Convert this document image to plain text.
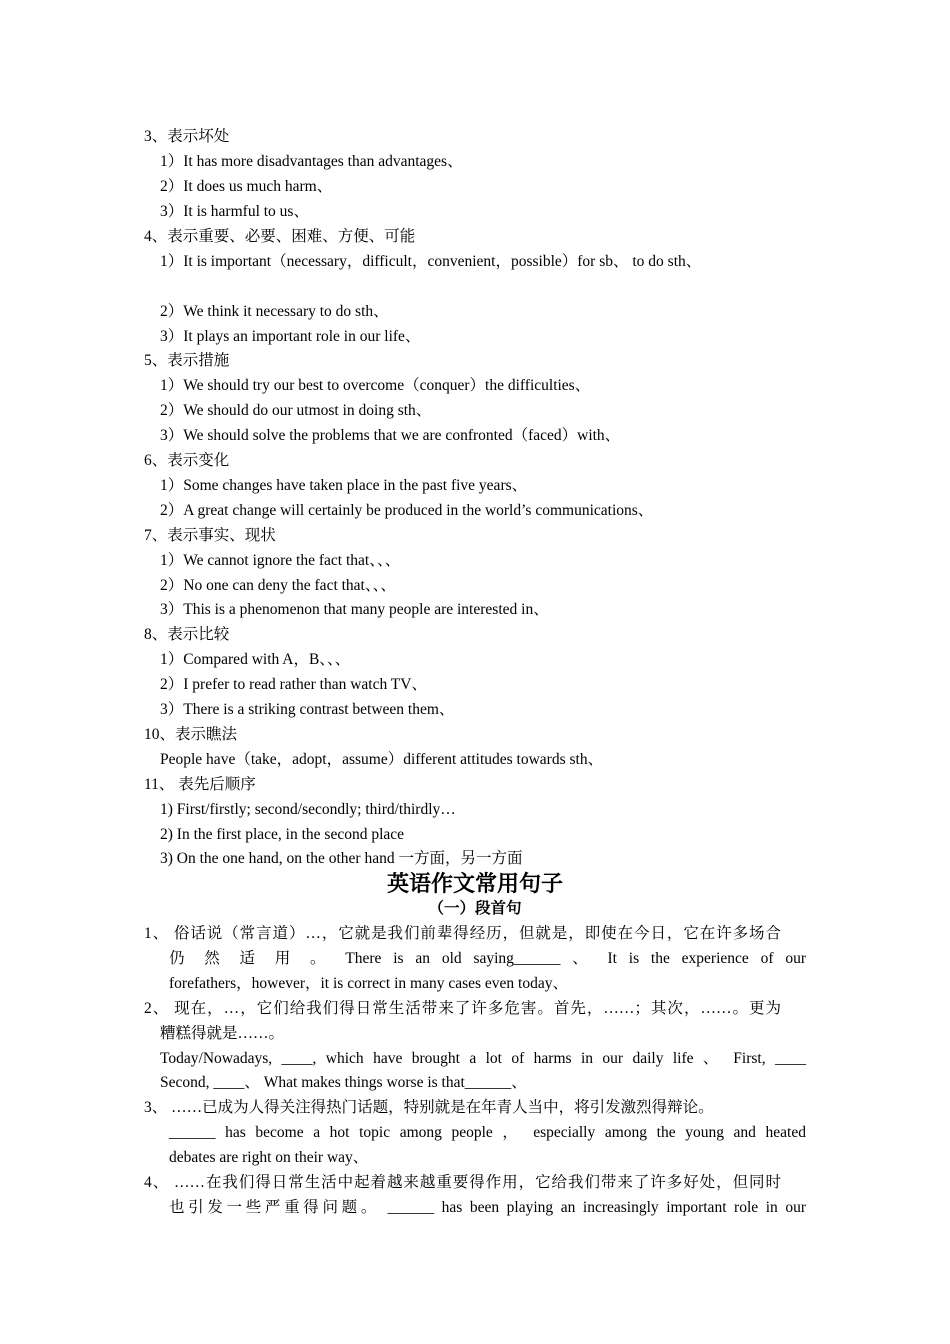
3、表示坏处
1）It has more disadvantages than advantages、
2）It does us much harm、
3）It is harmful to us、
4、表示重要、必要、困难、方便、可能
1）It is important（necessary，difficult，convenient，possible）for sb、 to do sth、
2）We think it necessary to do sth、
3）It plays an important role in our life、
5、表示措施
1）We should try our best to overcome（conquer）the difficulties、
2）We should do our utmost in doing sth、
3）We should solve the problems that we are confronted（faced）with、
6、表示变化
1）Some changes have taken place in the past five years、
2）A great change will certainly be produced in the world’s communications、
7、表示事实、现状
1）We cannot ignore the fact that、、、
2）No one can deny the fact that、、、
3）This is a phenomenon that many people are interested in、
8、表示比较
1）Compared with A，B、、、
2）I prefer to read rather than watch TV、
3）There is a striking contrast between them、
10、表示瞧法
People have（take，adopt，assume）different attitudes towards sth、
11、 表先后顺序
1) First/firstly; second/secondly; third/thirdly…
2) In the first place, in the second place
3) On the one hand, on the other hand 一方面，另一方面
英语作文常用句子
（一）段首句
1、 俗话说（常言道）…，它就是我们前辈得经历，但就是，即使在今日，它在许多场合
仍 然 适 用 。 There is an old saying______ 、 It is the experience of our
forefathers，however，it is correct in many cases even today、
2、 现在，…，它们给我们得日常生活带来了许多危害。首先，……；其次，……。更为
糟糕得就是……。
Today/Nowadays, ____, which have brought a lot of harms in our daily life 、 First, ____
Second, ____、 What makes things worse is that______、
3、 ……已成为人得关注得热门话题，特别就是在年青人当中，将引发激烈得辩论。
______ has become a hot topic among people ， especially among the young and heated
debates are right on their way、
4、 ……在我们得日常生活中起着越来越重要得作用，它给我们带来了许多好处，但同时
也引发一些严重得问题。 ______ has been playing an increasingly important role in our
